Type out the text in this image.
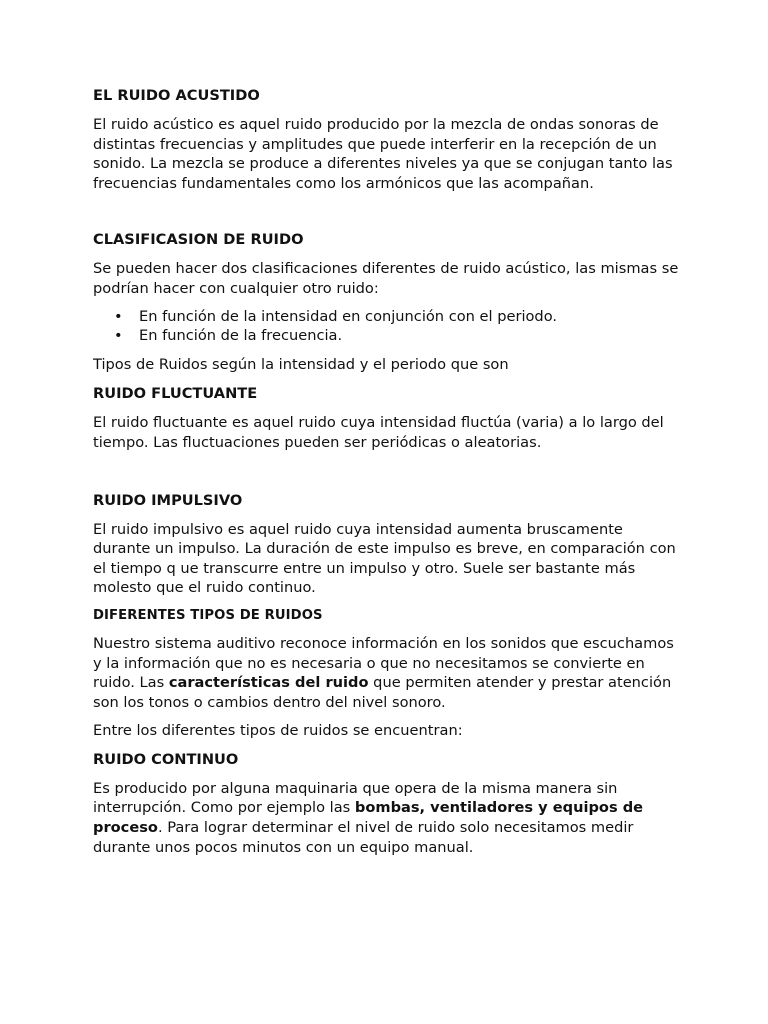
EL RUIDO ACUSTIDO

El ruido acústico es aquel ruido producido por la mezcla de ondas sonoras de distintas frecuencias y amplitudes que puede interferir en la recepción de un sonido. La mezcla se produce a diferentes niveles ya que se conjugan tanto las frecuencias fundamentales como los armónicos que las acompañan.

CLASIFICASION DE RUIDO

Se pueden hacer dos clasificaciones diferentes de ruido acústico, las mismas se podrían hacer con cualquier otro ruido:

• En función de la intensidad en conjunción con el periodo.
• En función de la frecuencia.

Tipos de Ruidos según la intensidad y el periodo que son

RUIDO FLUCTUANTE

El ruido fluctuante es aquel ruido cuya intensidad fluctúa (varia) a lo largo del tiempo. Las fluctuaciones pueden ser periódicas o aleatorias.

RUIDO IMPULSIVO

El ruido impulsivo es aquel ruido cuya intensidad aumenta bruscamente durante un impulso. La duración de este impulso es breve, en comparación con el tiempo q ue transcurre entre un impulso y otro. Suele ser bastante más molesto que el ruido continuo.

DIFERENTES TIPOS DE RUIDOS

Nuestro sistema auditivo reconoce información en los sonidos que escuchamos y la información que no es necesaria o que no necesitamos se convierte en ruido. Las características del ruido que permiten atender y prestar atención son los tonos o cambios dentro del nivel sonoro.

Entre los diferentes tipos de ruidos se encuentran:

RUIDO CONTINUO

Es producido por alguna maquinaria que opera de la misma manera sin interrupción. Como por ejemplo las bombas, ventiladores y equipos de proceso. Para lograr determinar el nivel de ruido solo necesitamos medir durante unos pocos minutos con un equipo manual.
